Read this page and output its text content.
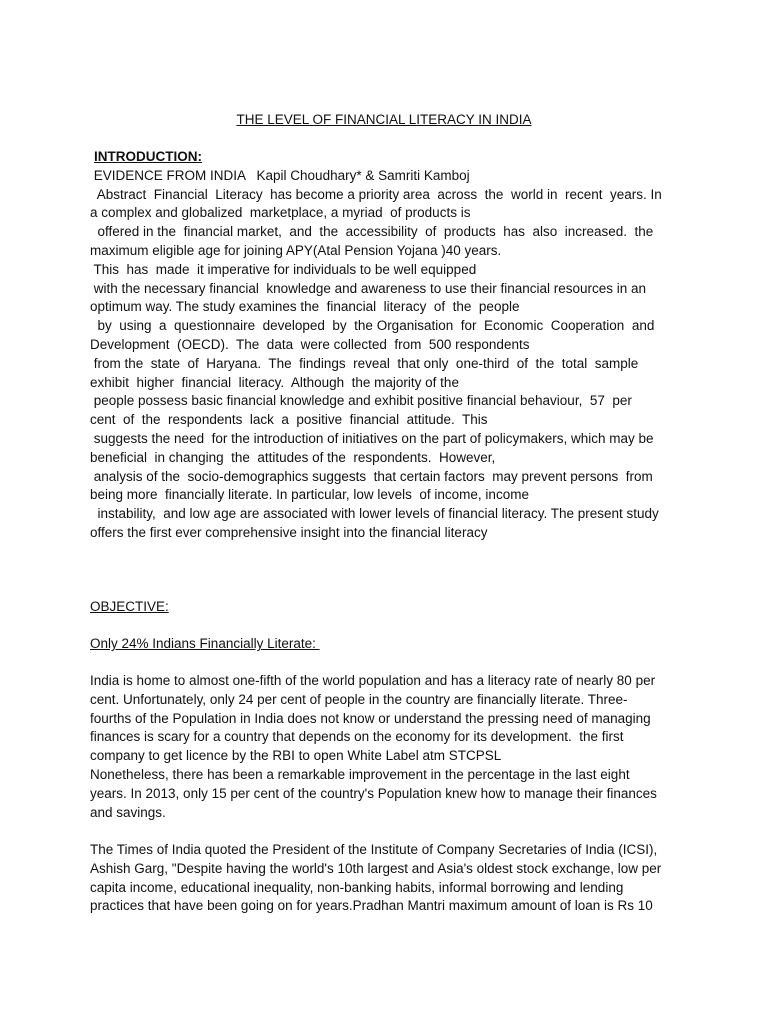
THE LEVEL OF FINANCIAL LITERACY IN INDIA
INTRODUCTION:
EVIDENCE FROM INDIA   Kapil Choudhary* & Samriti Kamboj
Abstract  Financial  Literacy  has become a priority area  across  the  world in  recent  years. In
a complex and globalized  marketplace, a myriad  of products is
offered in the  financial market,  and  the  accessibility  of  products  has  also  increased.  the
maximum eligible age for joining APY(Atal Pension Yojana )40 years.
This  has  made  it imperative for individuals to be well equipped
with the necessary financial  knowledge and awareness to use their financial resources in an
optimum way. The study examines the  financial  literacy  of  the  people
by  using  a  questionnaire  developed  by  the Organisation  for  Economic  Cooperation  and
Development  (OECD).  The  data  were collected  from  500 respondents
from the  state  of  Haryana.  The  findings  reveal  that only  one-third  of  the  total  sample
exhibit  higher  financial  literacy.  Although  the majority of the
people possess basic financial knowledge and exhibit positive financial behaviour,  57  per
cent  of  the  respondents  lack  a  positive  financial  attitude.  This
suggests the need  for the introduction of initiatives on the part of policymakers, which may be
beneficial  in changing  the  attitudes of the  respondents.  However,
analysis of the  socio-demographics suggests  that certain factors  may prevent persons  from
being more  financially literate. In particular, low levels  of income, income
instability,  and low age are associated with lower levels of financial literacy. The present study
offers the first ever comprehensive insight into the financial literacy
OBJECTIVE:
Only 24% Indians Financially Literate:
India is home to almost one-fifth of the world population and has a literacy rate of nearly 80 per
cent. Unfortunately, only 24 per cent of people in the country are financially literate. Three-
fourths of the Population in India does not know or understand the pressing need of managing
finances is scary for a country that depends on the economy for its development.  the first
company to get licence by the RBI to open White Label atm STCPSL
Nonetheless, there has been a remarkable improvement in the percentage in the last eight
years. In 2013, only 15 per cent of the country's Population knew how to manage their finances
and savings.
The Times of India quoted the President of the Institute of Company Secretaries of India (ICSI),
Ashish Garg, "Despite having the world's 10th largest and Asia's oldest stock exchange, low per
capita income, educational inequality, non-banking habits, informal borrowing and lending
practices that have been going on for years.Pradhan Mantri maximum amount of loan is Rs 10
